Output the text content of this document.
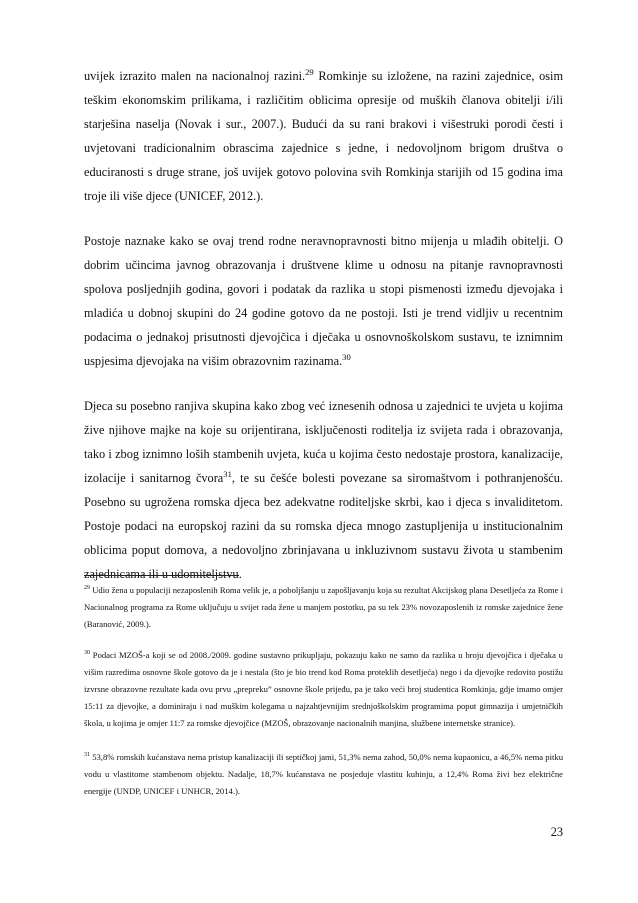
uvijek izrazito malen na nacionalnoj razini.$^{29}$ Romkinje su izložene, na razini zajednice, osim teškim ekonomskim prilikama, i različitim oblicima opresije od muških članova obitelji i/ili starješina naselja (Novak i sur., 2007.). Budući da su rani brakovi i višestruki porodi česti i uvjetovani tradicionalnim obrascima zajednice s jedne, i nedovoljnom brigom društva o educiranosti s druge strane, još uvijek gotovo polovina svih Romkinja starijih od 15 godina ima troje ili više djece (UNICEF, 2012.).

Postoje naznake kako se ovaj trend rodne neravnopravnosti bitno mijenja u mlađih obitelji. O dobrim učincima javnog obrazovanja i društvene klime u odnosu na pitanje ravnopravnosti spolova posljednjih godina, govori i podatak da razlika u stopi pismenosti između djevojaka i mladića u dobnoj skupini do 24 godine gotovo da ne postoji. Isti je trend vidljiv u recentnim podacima o jednakoj prisutnosti djevojčica i dječaka u osnovnoškolskom sustavu, te iznimnim uspjesima djevojaka na višim obrazovnim razinama.$^{30}$

Djeca su posebno ranjiva skupina kako zbog već iznesenih odnosa u zajednici te uvjeta u kojima žive njihove majke na koje su orijentirana, isključenosti roditelja iz svijeta rada i obrazovanja, tako i zbog iznimno loših stambenih uvjeta, kuća u kojima često nedostaje prostora, kanalizacije, izolacije i sanitarnog čvora$^{31}$, te su češće bolesti povezane sa siromaštvom i pothranjenošću. Posebno su ugrožena romska djeca bez adekvatne roditeljske skrbi, kao i djeca s invaliditetom. Postoje podaci na europskoj razini da su romska djeca mnogo zastupljenija u institucionalnim oblicima poput domova, a nedovoljno zbrinjavana u inkluzivnom sustavu života u stambenim zajednicama ili u udomiteljstvu.

$^{29}$ Udio žena u populaciji nezaposlenih Roma velik je, a poboljšanju u zapošljavanju koja su rezultat Akcijskog plana Desetljeća za Rome i Nacionalnog programa za Rome uključuju u svijet rada žene u manjem postotku, pa su tek 23% novozaposlenih iz romske zajednice žene (Baranović, 2009.).
$^{30}$ Podaci MZOŠ-a koji se od 2008./2009. godine sustavno prikupljaju, pokazuju kako ne samo da razlika u broju djevojčica i dječaka u višim razredima osnovne škole gotovo da je i nestala (što je bio trend kod Roma proteklih desetljeća) nego i da djevojke redovito postižu izvrsne obrazovne rezultate kada ovu prvu „prepreku” osnovne škole prijeđu, pa je tako veći broj studentica Romkinja, gdje imamo omjer 15:11 za djevojke, a dominiraju i nad muškim kolegama u najzahtjevnijim srednjoškolskim programima poput gimnazija i umjetničkih škola, u kojima je omjer 11:7 za romske djevojčice (MZOŠ, obrazovanje nacionalnih manjina, službene internetske stranice).
$^{31}$ 53,8% romskih kućanstava nema pristup kanalizaciji ili septičkoj jami, 51,3% nema zahod, 50,0% nema kupaonicu, a 46,5% nema pitku vodu u vlastitome stambenom objektu. Nadalje, 18,7% kućanstava ne posjeduje vlastitu kuhinju, a 12,4% Roma živi bez električne energije (UNDP, UNICEF i UNHCR, 2014.).
23
